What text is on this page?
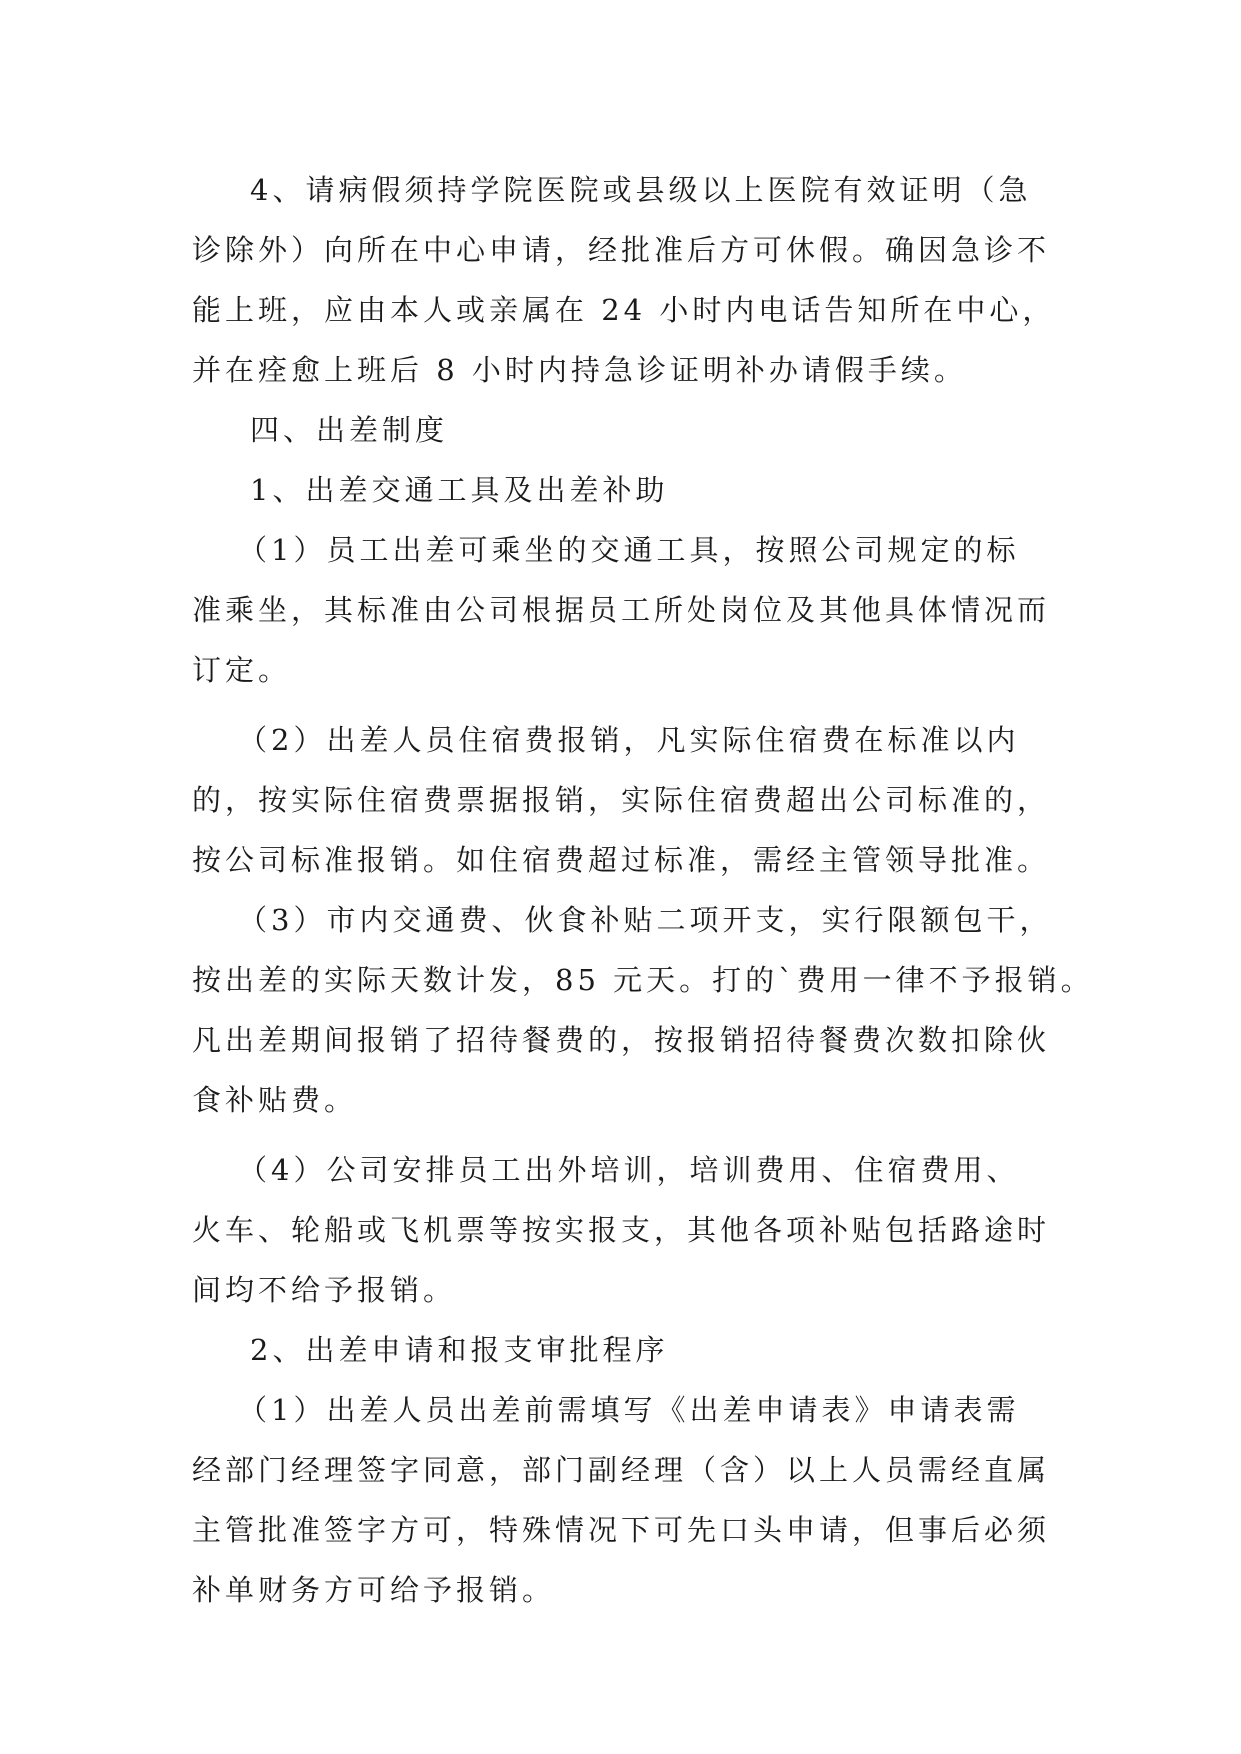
4、请病假须持学院医院或县级以上医院有效证明（急
诊除外）向所在中心申请，经批准后方可休假。确因急诊不
能上班，应由本人或亲属在 24 小时内电话告知所在中心，
并在痊愈上班后 8 小时内持急诊证明补办请假手续。

四、出差制度

1、出差交通工具及出差补助

（1）员工出差可乘坐的交通工具，按照公司规定的标
准乘坐，其标准由公司根据员工所处岗位及其他具体情况而
订定。

（2）出差人员住宿费报销，凡实际住宿费在标准以内
的，按实际住宿费票据报销，实际住宿费超出公司标准的，
按公司标准报销。如住宿费超过标准，需经主管领导批准。

（3）市内交通费、伙食补贴二项开支，实行限额包干，
按出差的实际天数计发，85 元天。打的`费用一律不予报销。
凡出差期间报销了招待餐费的，按报销招待餐费次数扣除伙
食补贴费。

（4）公司安排员工出外培训，培训费用、住宿费用、
火车、轮船或飞机票等按实报支，其他各项补贴包括路途时
间均不给予报销。

2、出差申请和报支审批程序

（1）出差人员出差前需填写《出差申请表》申请表需
经部门经理签字同意，部门副经理（含）以上人员需经直属
主管批准签字方可，特殊情况下可先口头申请，但事后必须
补单财务方可给予报销。
